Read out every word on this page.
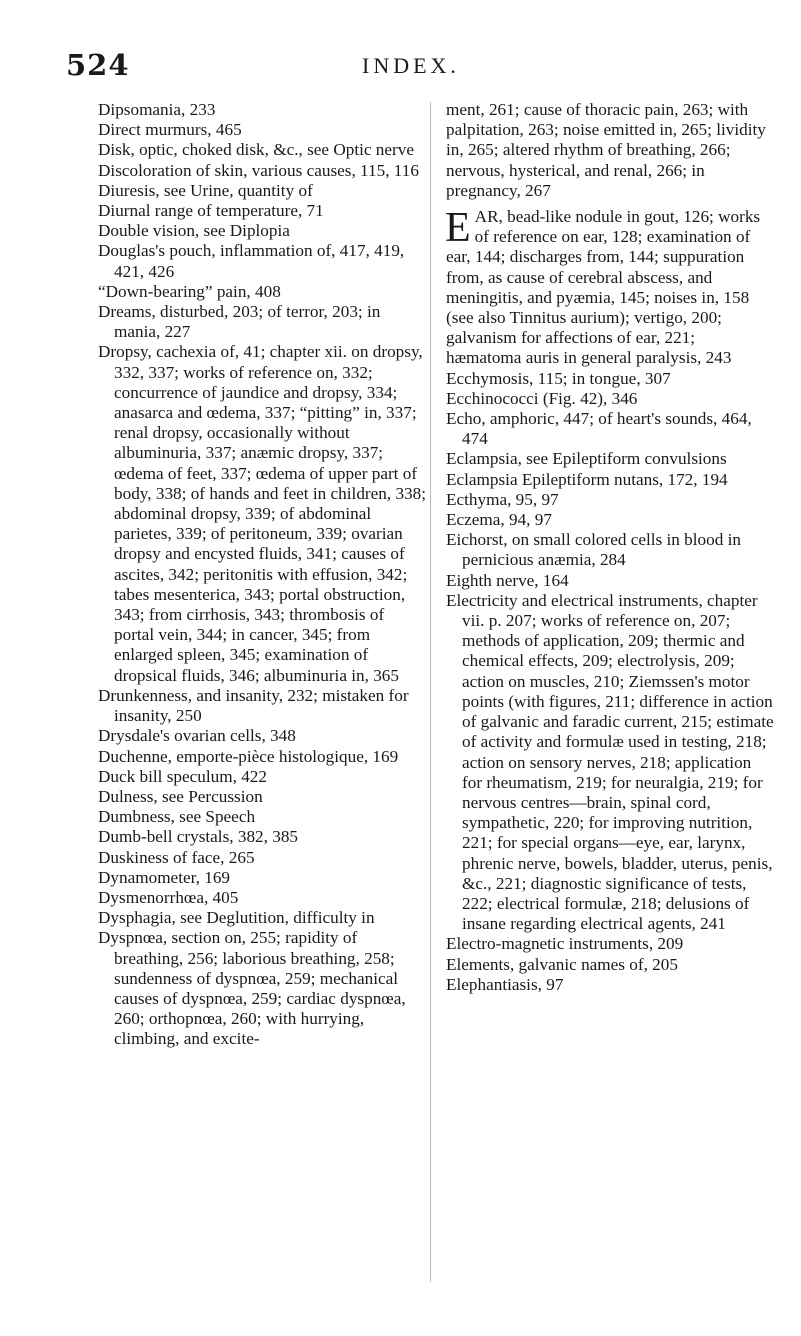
524	INDEX.

Dipsomania, 233

Direct murmurs, 465

Disk, optic, choked disk, &c., see Optic nerve

Discoloration of skin, various causes, 115, 116

Diuresis, see Urine, quantity of

Diurnal range of temperature, 71

Double vision, see Diplopia

Douglas's pouch, inflammation of, 417, 419, 421, 426

“Down-bearing” pain, 408

Dreams, disturbed, 203; of terror, 203; in mania, 227

Dropsy, cachexia of, 41; chapter xii. on dropsy, 332, 337; works of reference on, 332; concurrence of jaundice and dropsy, 334; anasarca and œdema, 337; “pitting” in, 337; renal dropsy, occasionally without albuminuria, 337; anæmic dropsy, 337; œdema of feet, 337; œdema of upper part of body, 338; of hands and feet in children, 338; abdominal dropsy, 339; of abdominal parietes, 339; of peritoneum, 339; ovarian dropsy and encysted fluids, 341; causes of ascites, 342; peritonitis with effusion, 342; tabes mesenterica, 343; portal obstruction, 343; from cirrhosis, 343; thrombosis of portal vein, 344; in cancer, 345; from enlarged spleen, 345; examination of dropsical fluids, 346; albuminuria in, 365

Drunkenness, and insanity, 232; mistaken for insanity, 250

Drysdale's ovarian cells, 348

Duchenne, emporte-pièce histologique, 169

Duck bill speculum, 422

Dulness, see Percussion

Dumbness, see Speech

Dumb-bell crystals, 382, 385

Duskiness of face, 265

Dynamometer, 169

Dysmenorrhœa, 405

Dysphagia, see Deglutition, difficulty in

Dyspnœa, section on, 255; rapidity of breathing, 256; laborious breathing, 258; sundenness of dyspnœa, 259; mechanical causes of dyspnœa, 259; cardiac dyspnœa, 260; orthopnœa, 260; with hurrying, climbing, and excite-

ment, 261; cause of thoracic pain, 263; with palpitation, 263; noise emitted in, 265; lividity in, 265; altered rhythm of breathing, 266; nervous, hysterical, and renal, 266; in pregnancy, 267

EAR, bead-like nodule in gout, 126; works of reference on ear, 128; examination of ear, 144; discharges from, 144; suppuration from, as cause of cerebral abscess, and meningitis, and pyæmia, 145; noises in, 158 (see also Tinnitus aurium); vertigo, 200; galvanism for affections of ear, 221; hæmatoma auris in general paralysis, 243

Ecchymosis, 115; in tongue, 307

Ecchinococci (Fig. 42), 346

Echo, amphoric, 447; of heart's sounds, 464, 474

Eclampsia, see Epileptiform convulsions

Eclampsia Epileptiform nutans, 172, 194

Ecthyma, 95, 97

Eczema, 94, 97

Eichorst, on small colored cells in blood in pernicious anæmia, 284

Eighth nerve, 164

Electricity and electrical instruments, chapter vii. p. 207; works of reference on, 207; methods of application, 209; thermic and chemical effects, 209; electrolysis, 209; action on muscles, 210; Ziemssen's motor points (with figures, 211; difference in action of galvanic and faradic current, 215; estimate of activity and formulæ used in testing, 218; action on sensory nerves, 218; application for rheumatism, 219; for neuralgia, 219; for nervous centres—brain, spinal cord, sympathetic, 220; for improving nutrition, 221; for special organs—eye, ear, larynx, phrenic nerve, bowels, bladder, uterus, penis, &c., 221; diagnostic significance of tests, 222; electrical formulæ, 218; delusions of insane regarding electrical agents, 241

Electro-magnetic instruments, 209

Elements, galvanic names of, 205

Elephantiasis, 97
